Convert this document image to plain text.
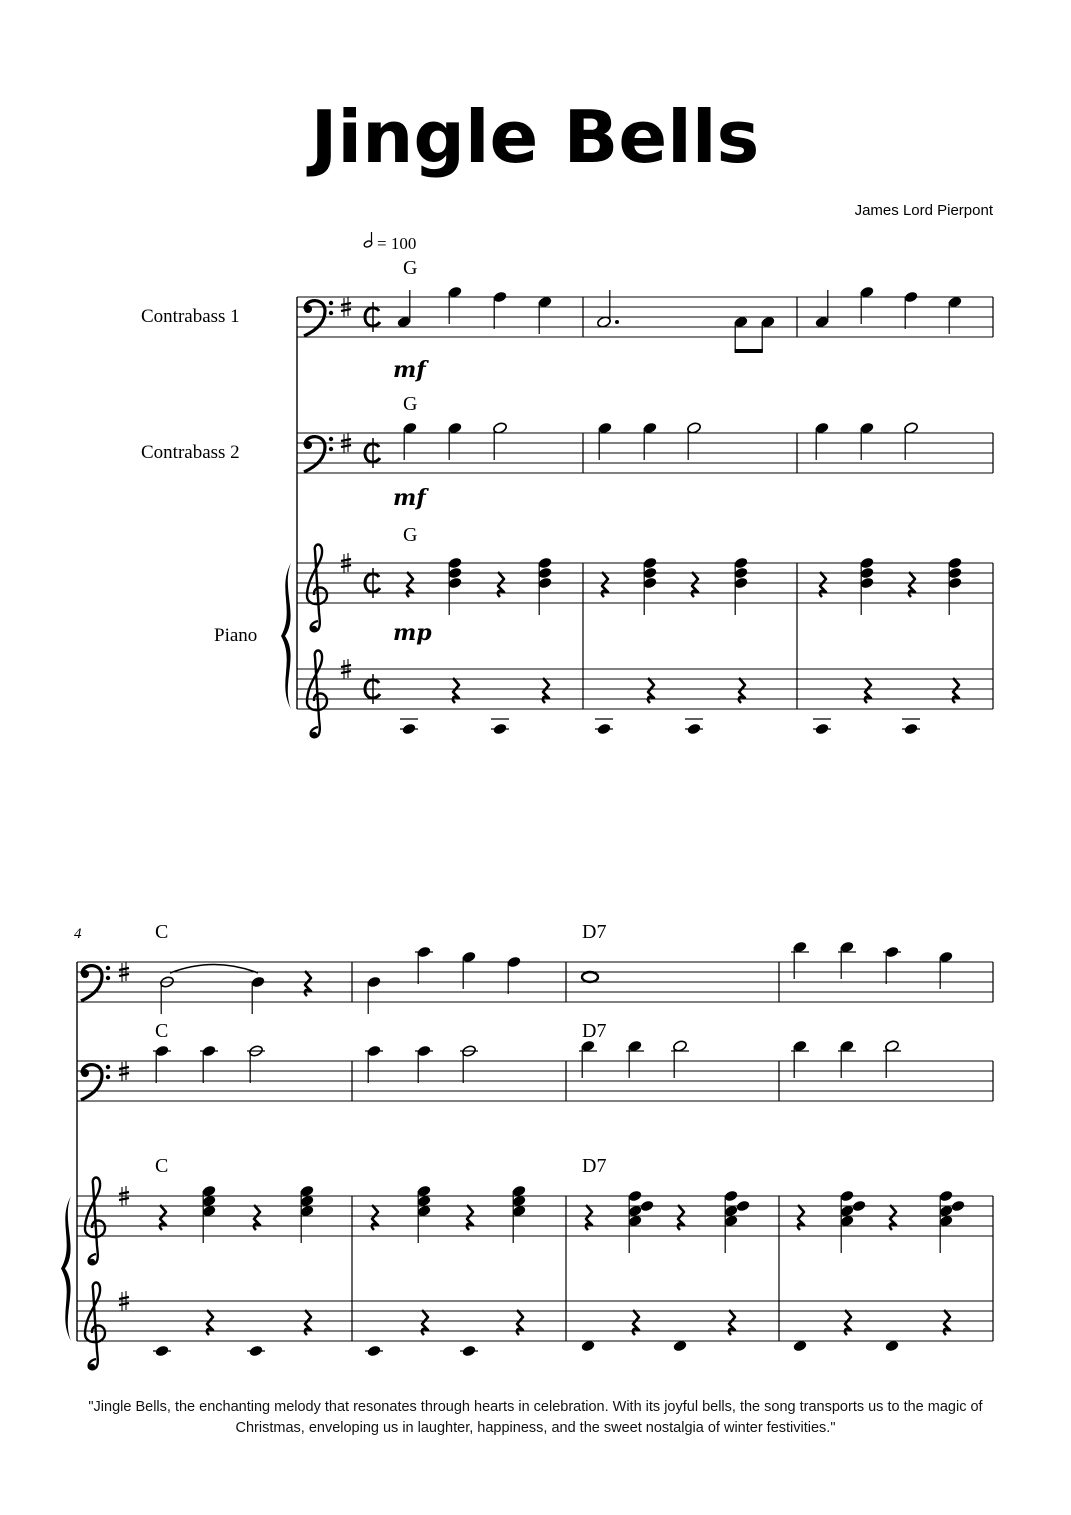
Jingle Bells
James Lord Pierpont
= 100
Contrabass 1
Contrabass 2
Piano
mf
mf
mp
G
G
G
4	C
C
C
D7
D7
D7
"Jingle Bells, the enchanting melody that resonates through hearts in celebration. With its joyful bells, the song transports us to the magic of Christmas, enveloping us in laughter, happiness, and the sweet nostalgia of winter festivities."
